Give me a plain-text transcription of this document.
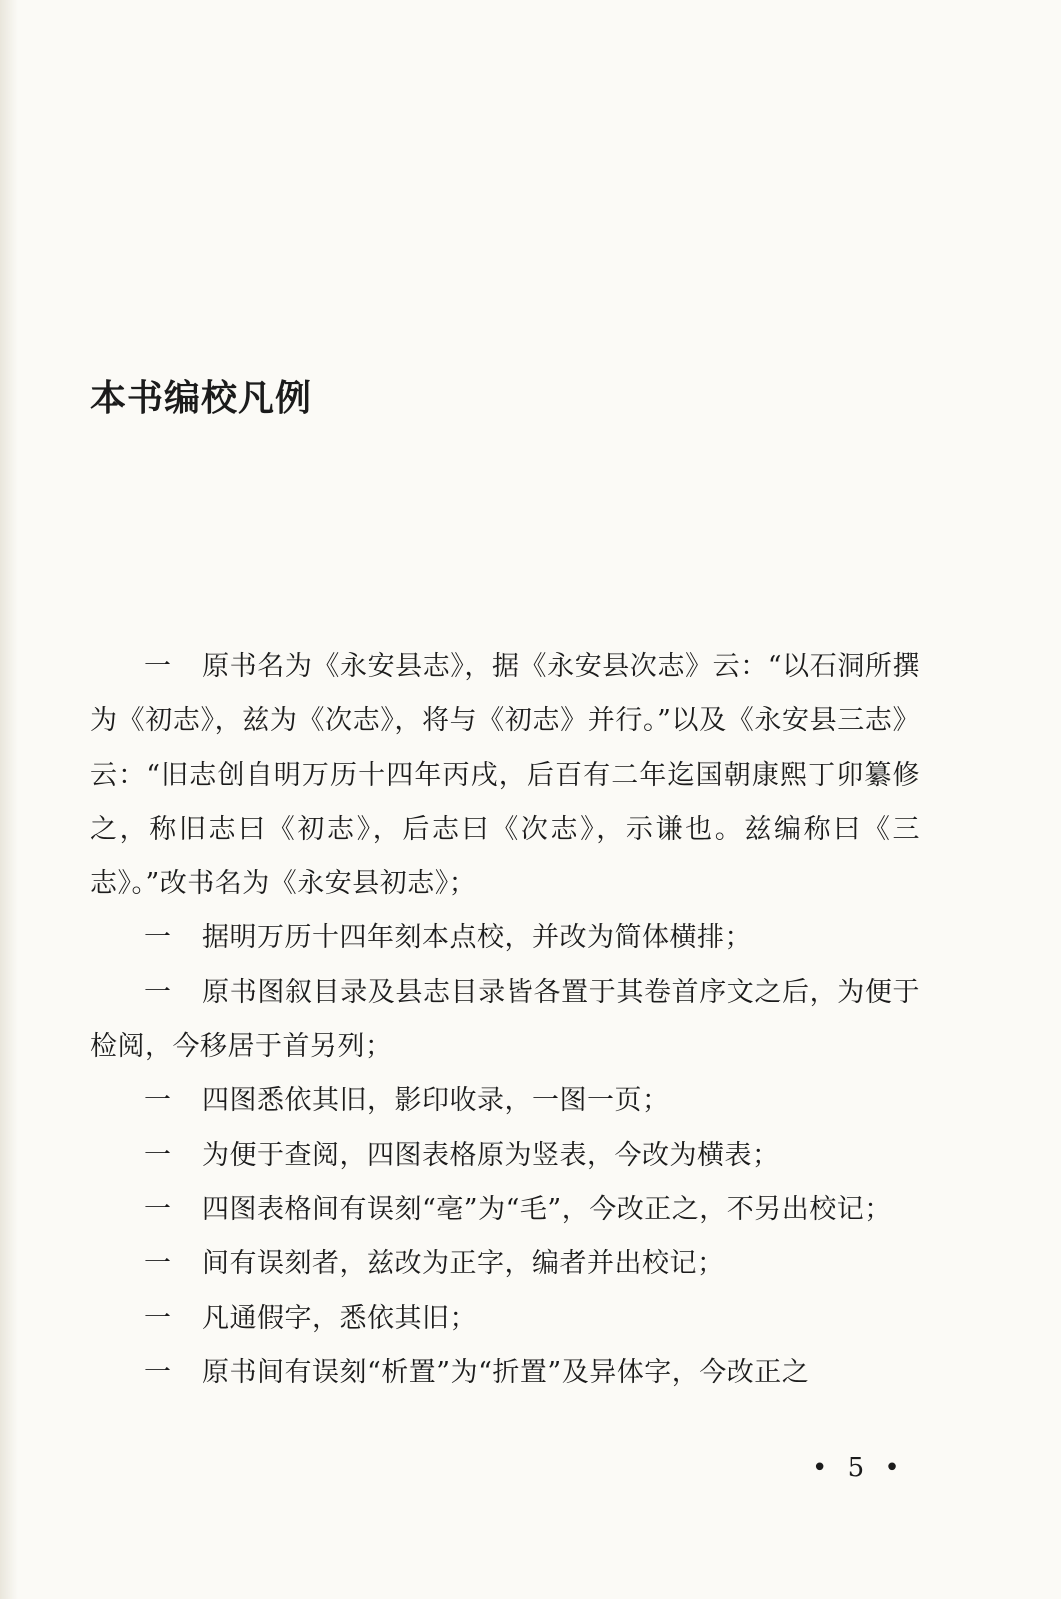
本书编校凡例

一 原书名为《永安县志》，据《永安县次志》云：“以石洞所撰为《初志》，兹为《次志》，将与《初志》并行。”以及《永安县三志》云：“旧志创自明万历十四年丙戌，后百有二年迄国朝康熙丁卯纂修之，称旧志曰《初志》，后志曰《次志》，示谦也。兹编称曰《三志》。”改书名为《永安县初志》；

一 据明万历十四年刻本点校，并改为简体横排；

一 原书图叙目录及县志目录皆各置于其卷首序文之后，为便于检阅，今移居于首另列；

一 四图悉依其旧，影印收录，一图一页；

一 为便于查阅，四图表格原为竖表，今改为横表；

一 四图表格间有误刻“亳”为“毛”，今改正之，不另出校记；

一 间有误刻者，兹改为正字，编者并出校记；

一 凡通假字，悉依其旧；

一 原书间有误刻“析置”为“折置”及异体字，今改正之

• 5 •
